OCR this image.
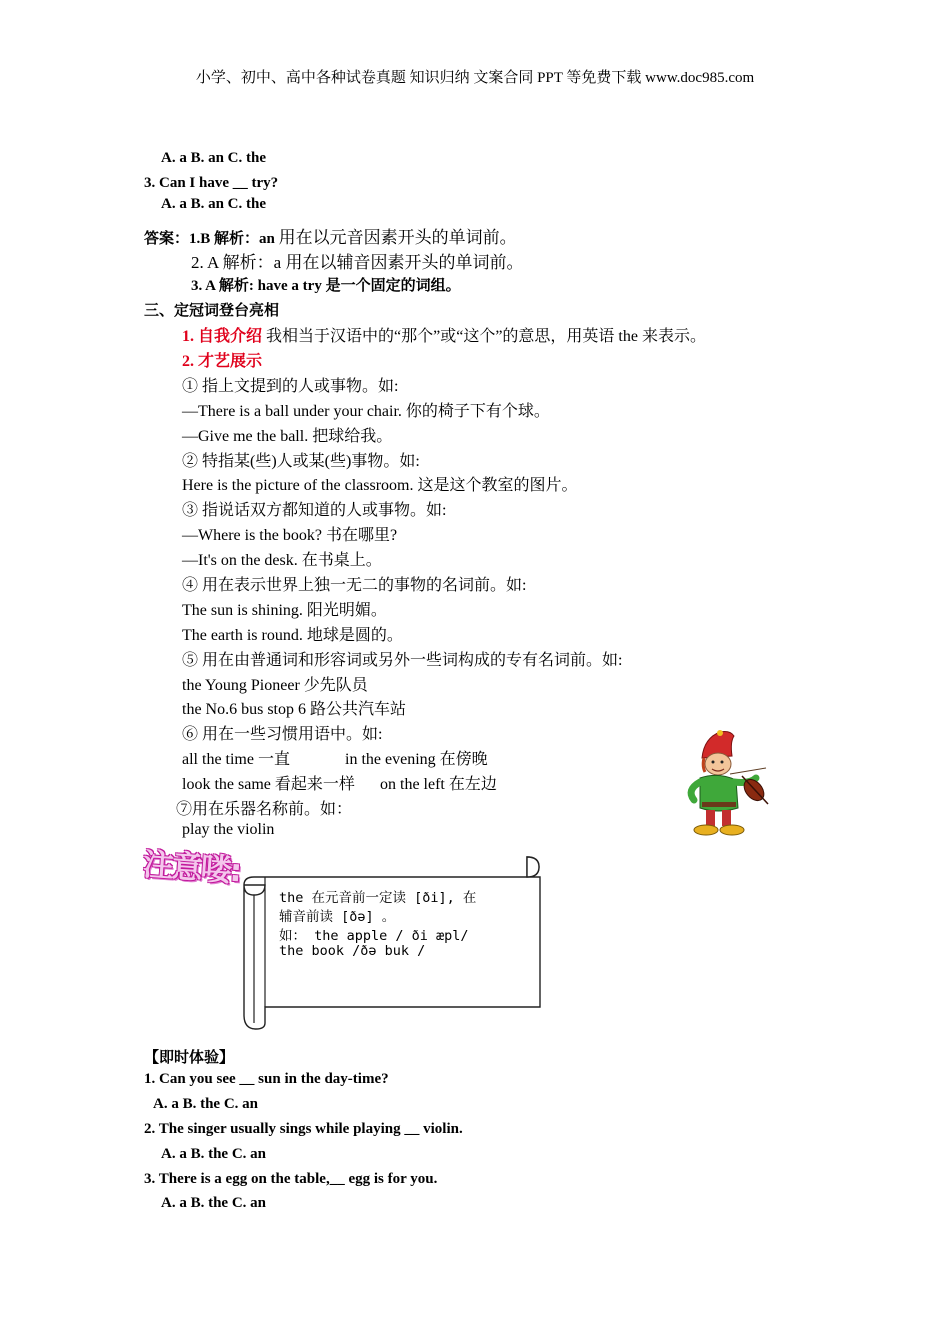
小学、初中、高中各种试卷真题 知识归纳 文案合同 PPT 等免费下载 www.doc985.com
A. a B. an C. the
3. Can I have __ try?
A. a B. an C. the
答案：1.B 解析：an 用在以元音因素开头的单词前。
2. A 解析：a 用在以辅音因素开头的单词前。
3. A 解析: have a try 是一个固定的词组。
三、定冠词登台亮相
1. 自我介绍 我相当于汉语中的“那个”或“这个”的意思，用英语 the 来表示。
2. 才艺展示
① 指上文提到的人或事物。如:
—There is a ball under your chair. 你的椅子下有个球。
—Give me the ball. 把球给我。
② 特指某(些)人或某(些)事物。如:
Here is the picture of the classroom. 这是这个教室的图片。
③ 指说话双方都知道的人或事物。如:
—Where is the book? 书在哪里?
—It's on the desk. 在书桌上。
④ 用在表示世界上独一无二的事物的名词前。如:
The sun is shining. 阳光明媚。
The earth is round. 地球是圆的。
⑤ 用在由普通词和形容词或另外一些词构成的专有名词前。如:
the Young Pioneer 少先队员
the No.6 bus stop 6 路公共汽车站
⑥ 用在一些习惯用语中。如:
all the time 一直	in the evening 在傍晚
look the same 看起来一样 on the left 在左边
⑦用在乐器名称前。如：
play the violin
注意喽:
the 在元音前一定读 [ði], 在
辅音前读 [ðə] 。
如： the apple / ði æpl/
the book /ðə buk /
【即时体验】
1. Can you see __ sun in the day-time?
A. a B. the C. an
2. The singer usually sings while playing __ violin.
A. a B. the C. an
3. There is a egg on the table,__ egg is for you.
A. a B. the C. an
